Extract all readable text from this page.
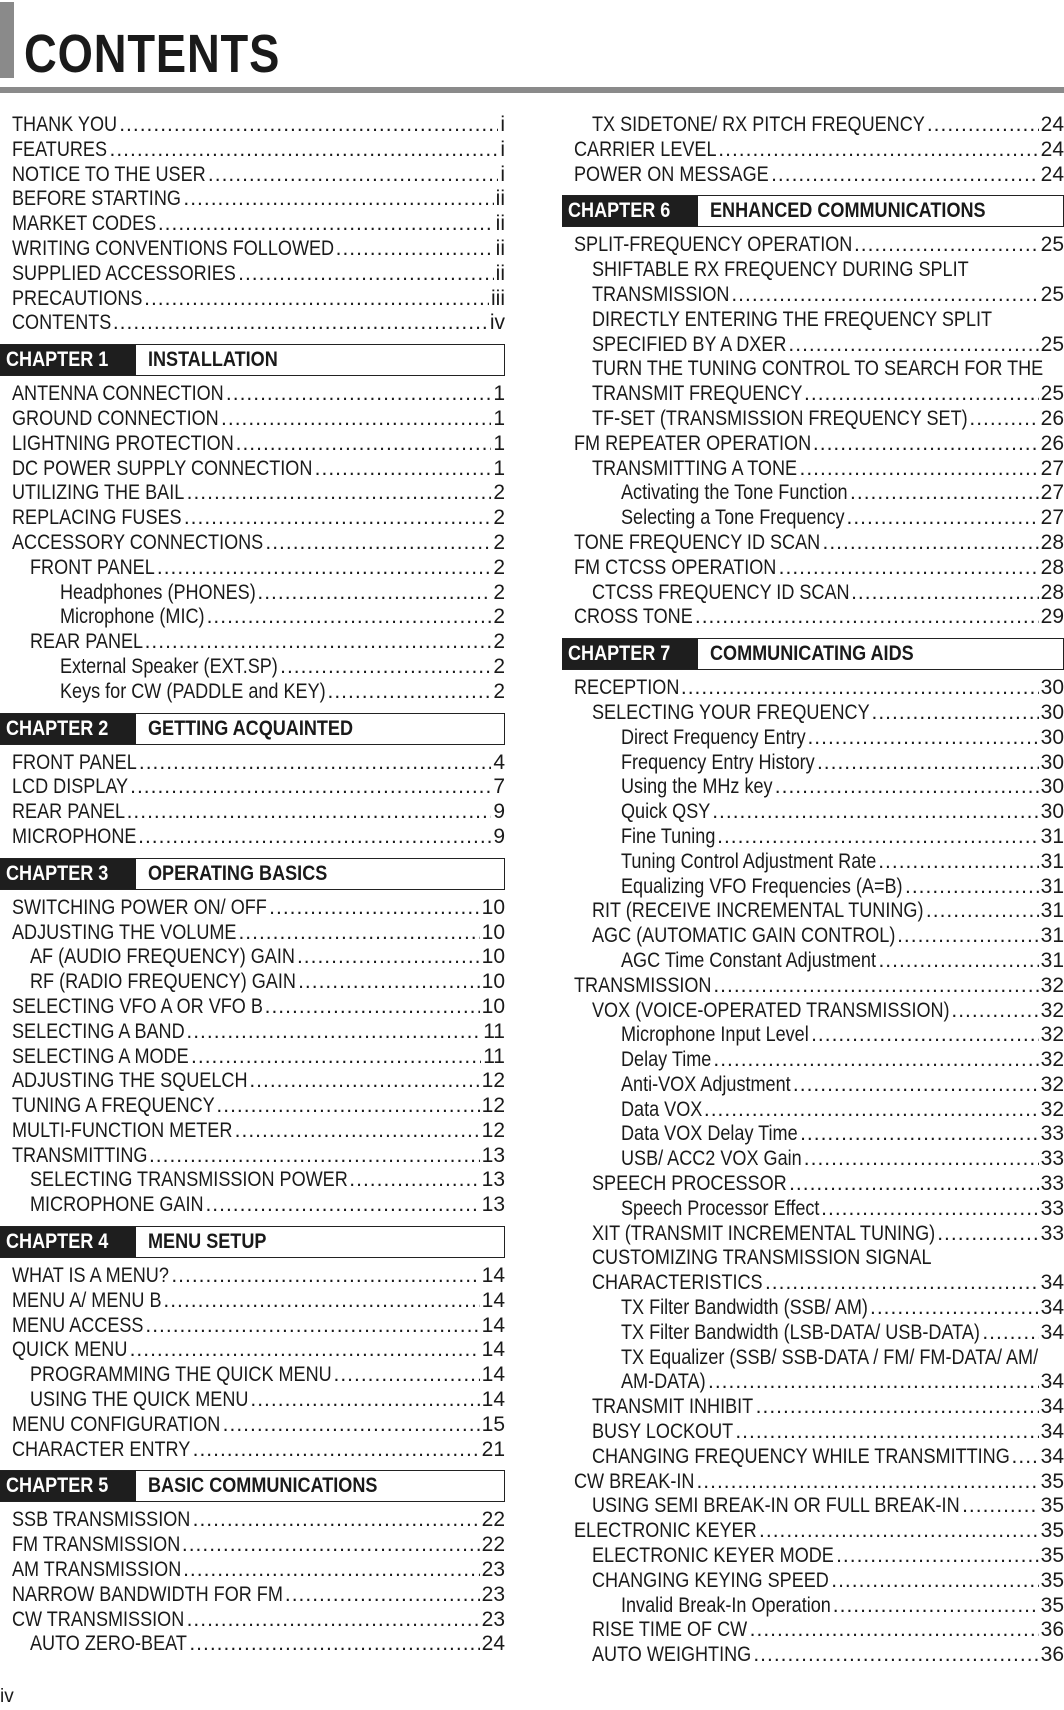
CONTENTS
THANK YOU .....	i
FEATURES .....	i
NOTICE TO THE USER .....	i
BEFORE STARTING .....	ii
MARKET CODES .....	ii
WRITING CONVENTIONS FOLLOWED .....	ii
SUPPLIED ACCESSORIES .....	ii
PRECAUTIONS .....	iii
CONTENTS .....	iv
CHAPTER 1	INSTALLATION
ANTENNA CONNECTION .....	1
GROUND CONNECTION .....	1
LIGHTNING PROTECTION .....	1
DC POWER SUPPLY CONNECTION .....	1
UTILIZING THE BAIL .....	2
REPLACING FUSES .....	2
ACCESSORY CONNECTIONS .....	2
FRONT PANEL .....	2
Headphones (PHONES) .....	2
Microphone (MIC) .....	2
REAR PANEL .....	2
External Speaker (EXT.SP) .....	2
Keys for CW (PADDLE and KEY) .....	2
CHAPTER 2	GETTING ACQUAINTED
FRONT PANEL .....	4
LCD DISPLAY .....	7
REAR PANEL .....	9
MICROPHONE .....	9
CHAPTER 3	OPERATING BASICS
SWITCHING POWER ON/ OFF .....	10
ADJUSTING THE VOLUME .....	10
AF (AUDIO FREQUENCY) GAIN .....	10
RF (RADIO FREQUENCY) GAIN .....	10
SELECTING VFO A OR VFO B .....	10
SELECTING A BAND .....	11
SELECTING A MODE .....	11
ADJUSTING THE SQUELCH .....	12
TUNING A FREQUENCY .....	12
MULTI-FUNCTION METER .....	12
TRANSMITTING .....	13
SELECTING TRANSMISSION POWER .....	13
MICROPHONE GAIN .....	13
CHAPTER 4	MENU SETUP
WHAT IS A MENU? .....	14
MENU A/ MENU B .....	14
MENU ACCESS .....	14
QUICK MENU .....	14
PROGRAMMING THE QUICK MENU .....	14
USING THE QUICK MENU .....	14
MENU CONFIGURATION .....	15
CHARACTER ENTRY .....	21
CHAPTER 5	BASIC COMMUNICATIONS
SSB TRANSMISSION .....	22
FM TRANSMISSION .....	22
AM TRANSMISSION .....	23
NARROW BANDWIDTH FOR FM .....	23
CW TRANSMISSION .....	23
AUTO ZERO-BEAT .....	24
TX SIDETONE/ RX PITCH FREQUENCY .....	24
CARRIER LEVEL .....	24
POWER ON MESSAGE .....	24
CHAPTER 6	ENHANCED COMMUNICATIONS
SPLIT-FREQUENCY OPERATION .....	25
SHIFTABLE RX FREQUENCY DURING SPLIT
TRANSMISSION .....	25
DIRECTLY ENTERING THE FREQUENCY SPLIT
SPECIFIED BY A DXER .....	25
TURN THE TUNING CONTROL TO SEARCH FOR THE
TRANSMIT FREQUENCY .....	25
TF-SET (TRANSMISSION FREQUENCY SET) .....	26
FM REPEATER OPERATION .....	26
TRANSMITTING A TONE .....	27
Activating the Tone Function .....	27
Selecting a Tone Frequency .....	27
TONE FREQUENCY ID SCAN .....	28
FM CTCSS OPERATION .....	28
CTCSS FREQUENCY ID SCAN .....	28
CROSS TONE .....	29
CHAPTER 7	COMMUNICATING AIDS
RECEPTION .....	30
SELECTING YOUR FREQUENCY .....	30
Direct Frequency Entry .....	30
Frequency Entry History .....	30
Using the MHz key .....	30
Quick QSY .....	30
Fine Tuning .....	31
Tuning Control Adjustment Rate .....	31
Equalizing VFO Frequencies (A=B) .....	31
RIT (RECEIVE INCREMENTAL TUNING) .....	31
AGC (AUTOMATIC GAIN CONTROL) .....	31
AGC Time Constant Adjustment .....	31
TRANSMISSION .....	32
VOX (VOICE-OPERATED TRANSMISSION) .....	32
Microphone Input Level .....	32
Delay Time .....	32
Anti-VOX Adjustment .....	32
Data VOX .....	32
Data VOX Delay Time .....	33
USB/ ACC2 VOX Gain .....	33
SPEECH PROCESSOR .....	33
Speech Processor Effect .....	33
XIT (TRANSMIT INCREMENTAL TUNING) .....	33
CUSTOMIZING TRANSMISSION SIGNAL
CHARACTERISTICS .....	34
TX Filter Bandwidth (SSB/ AM) .....	34
TX Filter Bandwidth (LSB-DATA/ USB-DATA) .....	34
TX Equalizer (SSB/ SSB-DATA / FM/ FM-DATA/ AM/
AM-DATA) .....	34
TRANSMIT INHIBIT .....	34
BUSY LOCKOUT .....	34
CHANGING FREQUENCY WHILE TRANSMITTING ..... 34
CW BREAK-IN .....	35
USING SEMI BREAK-IN OR FULL BREAK-IN .....	35
ELECTRONIC KEYER .....	35
ELECTRONIC KEYER MODE .....	35
CHANGING KEYING SPEED .....	35
Invalid Break-In Operation .....	35
RISE TIME OF CW .....	36
AUTO WEIGHTING .....	36
iv
